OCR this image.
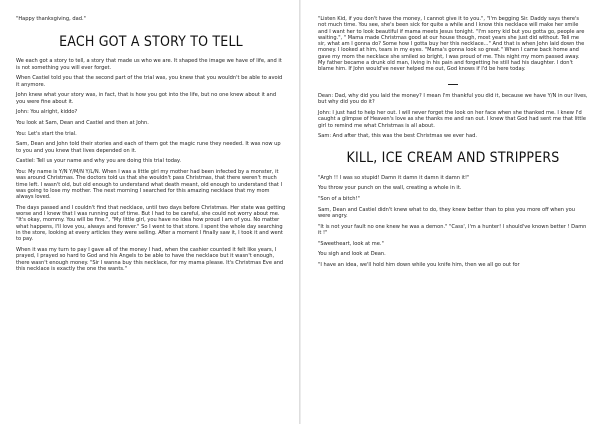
"Happy thanksgiving, dad."

EACH GOT A STORY TO TELL

We each got a story to tell, a story that made us who we are. It shaped the image we have of life, and it is not something you will ever forget.

When Castiel told you that the second part of the trial was, you knew that you wouldn't be able to avoid it anymore.

John knew what your story was, in fact, that is how you got into the life, but no one knew about it and you were fine about it.

John: You alright, kiddo?

You look at Sam, Dean and Castiel and then at John.

You: Let's start the trial.

Sam, Dean and John told their stories and each of them got the magic rune they needed. It was now up to you and you knew that lives depended on it.

Castiel: Tell us your name and why you are doing this trial today.

You: My name is Y/N Y/M/N Y/L/N. When I was a little girl my mother had been infected by a monster, it was around Christmas. The doctors told us that she wouldn't pass Christmas, that there weren't much time left. I wasn't old, but old enough to understand what death meant, old enough to understand that I was going to lose my mother. The next morning I searched for this amazing necklace that my mom always loved.

The days passed and I couldn't find that necklace, until two days before Christmas. Her state was getting worse and I knew that I was running out of time. But I had to be careful, she could not worry about me. "It's okay, mommy. You will be fine.", "My little girl, you have no idea how proud I am of you. No matter what happens, I'll love you, always and forever." So I went to that store. I spent the whole day searching in the store, looking at every articles they were selling. After a moment I finally saw it, I took it and went to pay.

When it was my turn to pay I gave all of the money I had, when the cashier counted it felt like years, I prayed, I prayed so hard to God and his Angels to be able to have the necklace but it wasn't enough, there wasn't enough money. "Sir I wanna buy this necklace, for my mama please. It's Christmas Eve and this necklace is exactly the one the wants."

"Listen Kid, if you don't have the money, I cannot give it to you.", "I'm begging Sir. Daddy says there's not much time. You see, she's been sick for quite a while and I know this necklace will make her smile and I want her to look beautiful if mama meets Jesus tonight. "I'm sorry kid but you gotta go, people are waiting.", " Mama made Christmas good at our house though, most years she just did without. Tell me sir, what am I gonna do? Some how I gotta buy her this necklace..." And that is when John laid down the money. I looked at him, tears in my eyes. "Mama's gonna look so great." When I came back home and gave my mom the necklace she smiled so bright, I was proud of me. This night my mom passed away. My father became a drunk old man, living in his pain and forgetting he still had his daughter. I don't blame him. If John would've never helped me out, God knows if I'd be here today.

Dean: Dad, why did you laid the money? I mean I'm thankful you did it, because we have Y/N in our lives, but why did you do it?

John: I just had to help her out. I will never forget the look on her face when she thanked me. I knew I'd caught a glimpse of Heaven's love as she thanks me and ran out. I knew that God had sent me that little girl to remind me what Christmas is all about.

Sam: And after that, this was the best Christmas we ever had.

KILL, ICE CREAM AND STRIPPERS

"Argh !! I was so stupid! Damn it damn it damn it damn it!"

You throw your punch on the wall, creating a whole in it.

"Son of a bitch!"

Sam, Dean and Castiel didn't knew what to do, they knew better than to piss you more off when you were angry.

"It is not your fault no one knew he was a demon." "Cass', I'm a hunter! I should've known better ! Damn it !"

"Sweetheart, look at me."

You sigh and look at Dean.

"I have an idea, we'll hold him down while you knife him, then we all go out for
